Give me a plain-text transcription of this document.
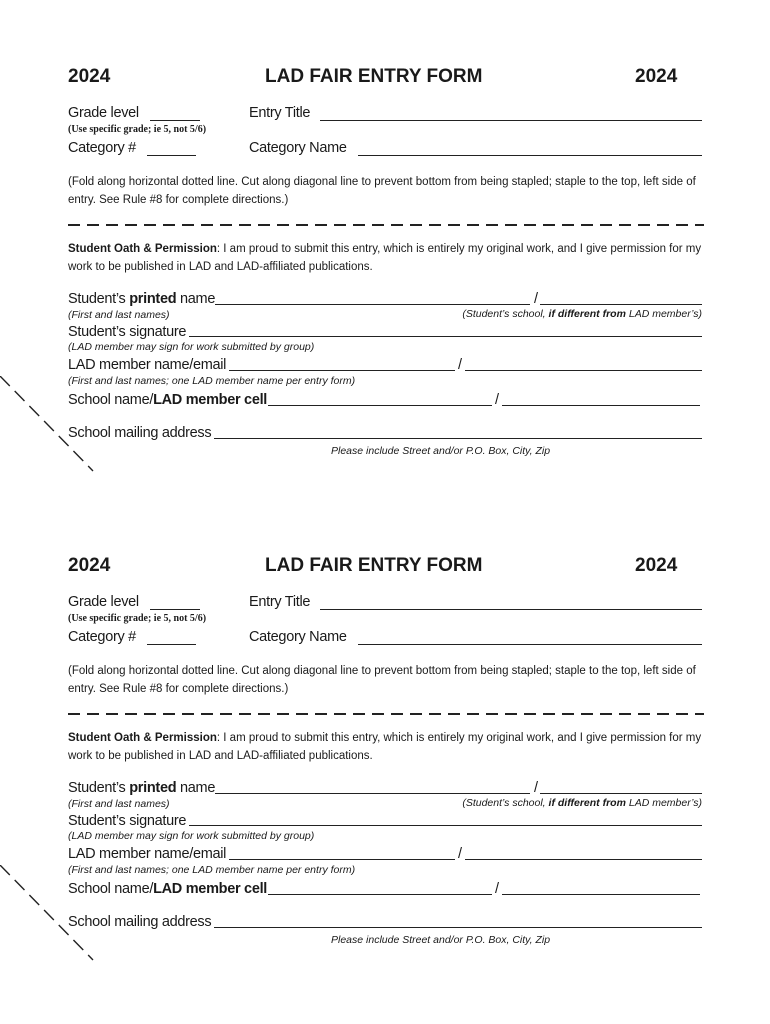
2024	LAD FAIR ENTRY FORM	2024
Grade level
(Use specific grade; ie 5, not 5/6)
Entry Title
Category #	Category Name
(Fold along horizontal dotted line. Cut along diagonal line to prevent bottom from being stapled; staple to the top, left side of entry. See Rule #8 for complete directions.)
Student Oath & Permission: I am proud to submit this entry, which is entirely my original work, and I give permission for my work to be published in LAD and LAD-affiliated publications.
Student’s printed name	/
(First and last names)	(Student’s school, if different from LAD member’s)
Student’s signature
(LAD member may sign for work submitted by group)
LAD member name/email	/
(First and last names; one LAD member name per entry form)
School name/LAD member cell	/
School mailing address
Please include Street and/or P.O. Box, City, Zip
2024	LAD FAIR ENTRY FORM	2024
Grade level
(Use specific grade; ie 5, not 5/6)
Entry Title
Category #	Category Name
(Fold along horizontal dotted line. Cut along diagonal line to prevent bottom from being stapled; staple to the top, left side of entry. See Rule #8 for complete directions.)
Student Oath & Permission: I am proud to submit this entry, which is entirely my original work, and I give permission for my work to be published in LAD and LAD-affiliated publications.
Student’s printed name	/
(First and last names)	(Student’s school, if different from LAD member’s)
Student’s signature
(LAD member may sign for work submitted by group)
LAD member name/email	/
(First and last names; one LAD member name per entry form)
School name/LAD member cell	/
School mailing address
Please include Street and/or P.O. Box, City, Zip
